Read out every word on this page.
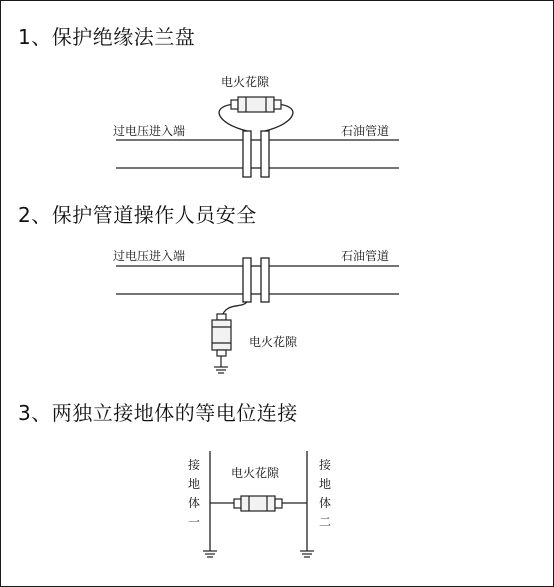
1、保护绝缘法兰盘
电火花隙
过电压进入端	石油管道
2、保护管道操作人员安全
过电压进入端	石油管道
电火花隙
3、两独立接地体的等电位连接
电火花隙
接
地
体
一
接
地
体
二
